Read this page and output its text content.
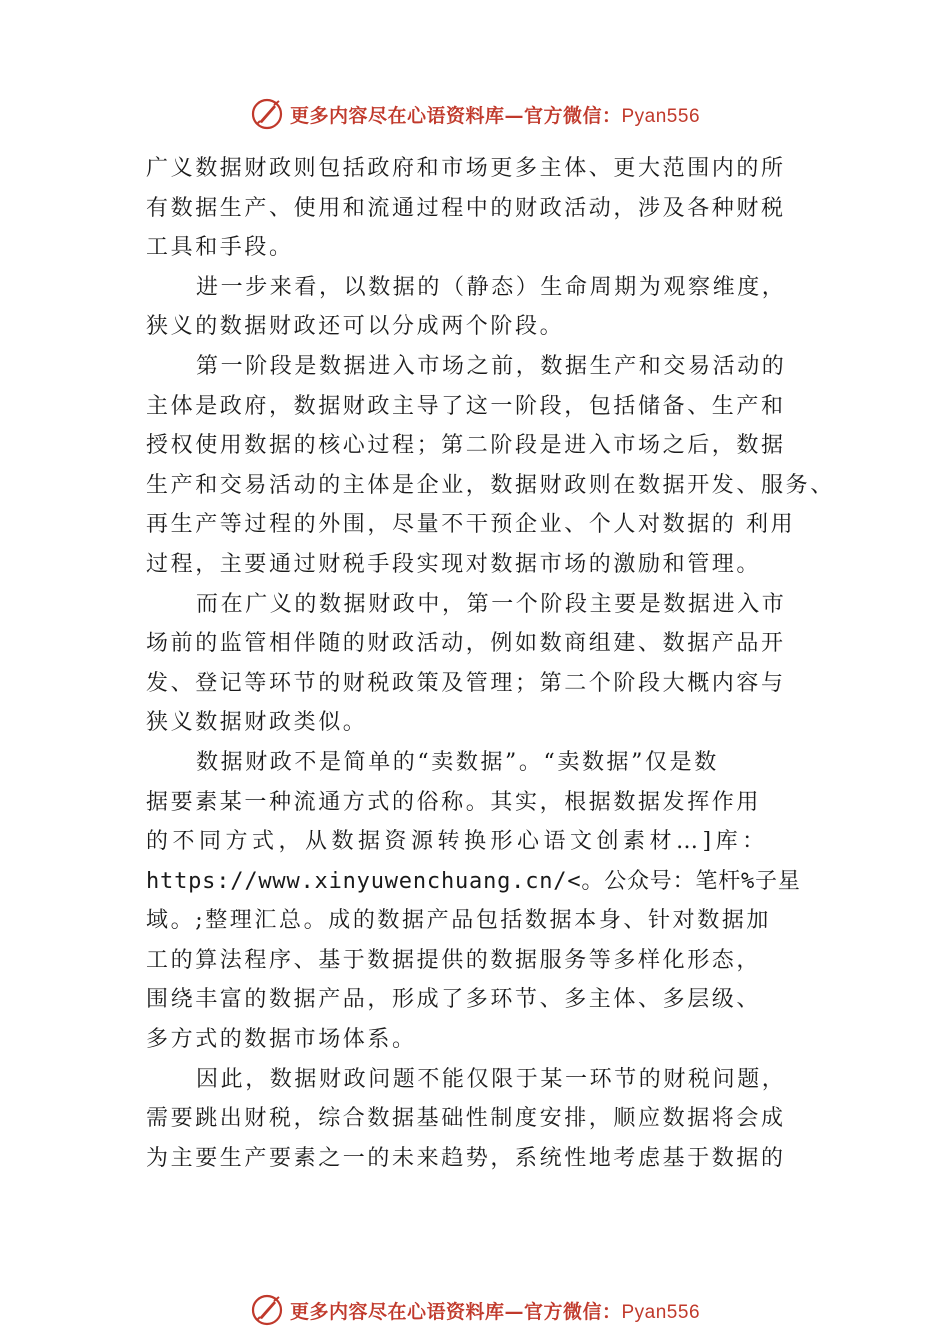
更多内容尽在心语资料库—官方微信：Pyan556
广义数据财政则包括政府和市场更多主体、更大范围内的所
有数据生产、使用和流通过程中的财政活动，涉及各种财税
工具和手段。
进一步来看，以数据的（静态）生命周期为观察维度，
狭义的数据财政还可以分成两个阶段。
第一阶段是数据进入市场之前，数据生产和交易活动的
主体是政府，数据财政主导了这一阶段，包括储备、生产和
授权使用数据的核心过程；第二阶段是进入市场之后，数据
生产和交易活动的主体是企业，数据财政则在数据开发、服务、
再生产等过程的外围，尽量不干预企业、个人对数据的 利用
过程，主要通过财税手段实现对数据市场的激励和管理。
而在广义的数据财政中，第一个阶段主要是数据进入市
场前的监管相伴随的财政活动，例如数商组建、数据产品开
发、登记等环节的财税政策及管理；第二个阶段大概内容与
狭义数据财政类似。
数据财政不是简单的“卖数据”。“卖数据”仅是数
据要素某一种流通方式的俗称。其实，根据数据发挥作用
的不同方式，从数据资源转换形心语文创素材…]库：
https://www.xinyuwenchuang.cn/<。公众号：笔杆%子星
域。;整理汇总。成的数据产品包括数据本身、针对数据加
工的算法程序、基于数据提供的数据服务等多样化形态，
围绕丰富的数据产品，形成了多环节、多主体、多层级、
多方式的数据市场体系。
因此，数据财政问题不能仅限于某一环节的财税问题，
需要跳出财税，综合数据基础性制度安排，顺应数据将会成
为主要生产要素之一的未来趋势，系统性地考虑基于数据的
更多内容尽在心语资料库—官方微信：Pyan556
